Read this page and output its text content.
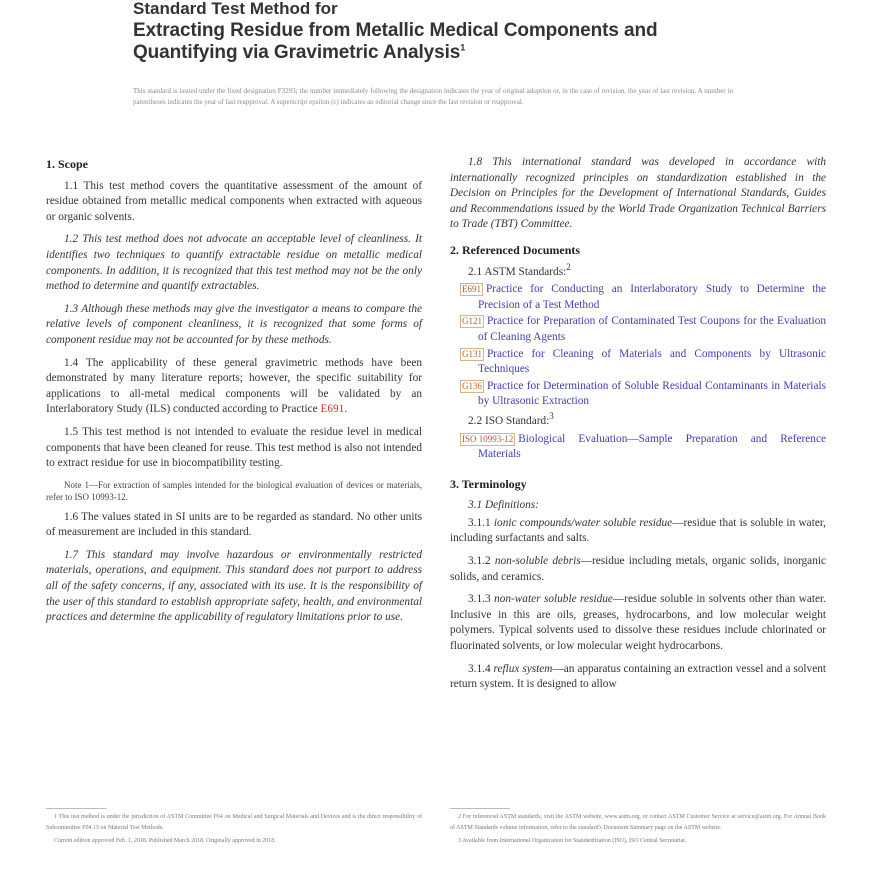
Standard Test Method for
Extracting Residue from Metallic Medical Components and
Quantifying via Gravimetric Analysis$^1$
This standard is issued under the fixed designation F3293; the number immediately following the designation indicates the year of original adoption or, in the case of revision, the year of last revision. A number in parentheses indicates the year of last reapproval. A superscript epsilon (ε) indicates an editorial change since the last revision or reapproval.
1. Scope

1.1 This test method covers the quantitative assessment of the amount of residue obtained from metallic medical components when extracted with aqueous or organic solvents.

1.2 This test method does not advocate an acceptable level of cleanliness. It identifies two techniques to quantify extractable residue on metallic medical components. In addition, it is recognized that this test method may not be the only method to determine and quantify extractables.

1.3 Although these methods may give the investigator a means to compare the relative levels of component cleanliness, it is recognized that some forms of component residue may not be accounted for by these methods.

1.4 The applicability of these general gravimetric methods have been demonstrated by many literature reports; however, the specific suitability for applications to all-metal medical components will be validated by an Interlaboratory Study (ILS) conducted according to Practice E691.

1.5 This test method is not intended to evaluate the residue level in medical components that have been cleaned for reuse. This test method is also not intended to extract residue for use in biocompatibility testing.

Note 1—For extraction of samples intended for the biological evaluation of devices or materials, refer to ISO 10993-12.

1.6 The values stated in SI units are to be regarded as standard. No other units of measurement are included in this standard.

1.7 This standard may involve hazardous or environmentally restricted materials, operations, and equipment. This standard does not purport to address all of the safety concerns, if any, associated with its use. It is the responsibility of the user of this standard to establish appropriate safety, health, and environmental practices and determine the applicability of regulatory limitations prior to use.

1.8 This international standard was developed in accordance with internationally recognized principles on standardization established in the Decision on Principles for the Development of International Standards, Guides and Recommendations issued by the World Trade Organization Technical Barriers to Trade (TBT) Committee.

2. Referenced Documents

2.1 ASTM Standards:$^2$

E691 Practice for Conducting an Interlaboratory Study to Determine the Precision of a Test Method

G121 Practice for Preparation of Contaminated Test Coupons for the Evaluation of Cleaning Agents

G131 Practice for Cleaning of Materials and Components by Ultrasonic Techniques

G136 Practice for Determination of Soluble Residual Contaminants in Materials by Ultrasonic Extraction

2.2 ISO Standard:$^3$

ISO 10993-12 Biological Evaluation—Sample Preparation and Reference Materials

3. Terminology

3.1 Definitions:

3.1.1 ionic compounds/water soluble residue—residue that is soluble in water, including surfactants and salts.

3.1.2 non-soluble debris—residue including metals, organic solids, inorganic solids, and ceramics.

3.1.3 non-water soluble residue—residue soluble in solvents other than water. Inclusive in this are oils, greases, hydrocarbons, and low molecular weight polymers. Typical solvents used to dissolve these residues include chlorinated or fluorinated solvents, or low molecular weight hydrocarbons.

3.1.4 reflux system—an apparatus containing an extraction vessel and a solvent return system. It is designed to allow

1 This test method is under the jurisdiction of ASTM Committee F04 on Medical and Surgical Materials and Devices and is the direct responsibility of Subcommittee F04.15 on Material Test Methods.

Current edition approved Feb. 1, 2018. Published March 2018. Originally approved in 2018.

2 For referenced ASTM standards, visit the ASTM website, www.astm.org, or contact ASTM Customer Service at service@astm.org. For Annual Book of ASTM Standards volume information, refer to the standard's Document Summary page on the ASTM website.

3 Available from International Organization for Standardization (ISO), ISO Central Secretariat.
